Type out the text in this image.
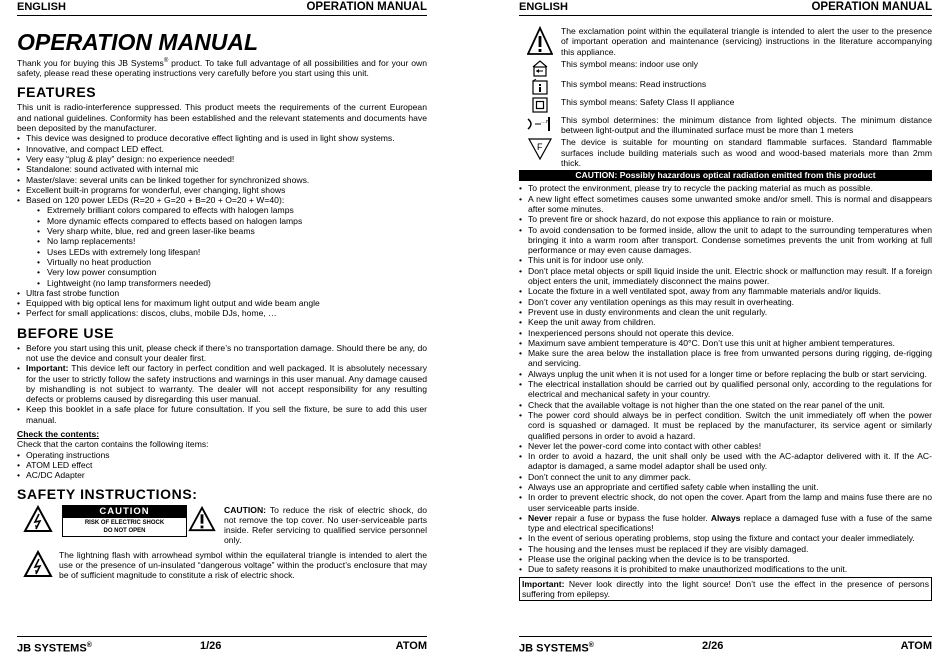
ENGLISH	OPERATION MANUAL
OPERATION MANUAL

Thank you for buying this JB Systems® product. To take full advantage of all possibilities and for your own safety, please read these operating instructions very carefully before you start using this unit.

FEATURES

This unit is radio-interference suppressed. This product meets the requirements of the current European and national guidelines. Conformity has been established and the relevant statements and documents have been deposited by the manufacturer.

• This device was designed to produce decorative effect lighting and is used in light show systems.
• Innovative, and compact LED effect.
• Very easy “plug & play” design: no experience needed!
• Standalone: sound activated with internal mic
• Master/slave: several units can be linked together for synchronized shows.
• Excellent built-in programs for wonderful, ever changing, light shows
• Based on 120 power LEDs (R=20 + G=20 + B=20 + O=20 + W=40):
• Extremely brilliant colors compared to effects with halogen lamps
• More dynamic effects compared to effects based on halogen lamps
• Very sharp white, blue, red and green laser-like beams
• No lamp replacements!
• Uses LEDs with extremely long lifespan!
• Virtually no heat production
• Very low power consumption
• Lightweight (no lamp transformers needed)
• Ultra fast strobe function
• Equipped with big optical lens for maximum light output and wide beam angle
• Perfect for small applications: discos, clubs, mobile DJs, home, …
BEFORE USE
• Before you start using this unit, please check if there’s no transportation damage. Should there be any, do not use the device and consult your dealer first.
• Important: This device left our factory in perfect condition and well packaged. It is absolutely necessary for the user to strictly follow the safety instructions and warnings in this user manual. Any damage caused by mishandling is not subject to warranty. The dealer will not accept responsibility for any resulting defects or problems caused by disregarding this user manual.
• Keep this booklet in a safe place for future consultation. If you sell the fixture, be sure to add this user manual.

Check the contents:

Check that the carton contains the following items:

• Operating instructions
• ATOM LED effect
• AC/DC Adapter
SAFETY INSTRUCTIONS:
CAUTION
RISK OF ELECTRIC SHOCK
DO NOT OPEN

CAUTION: To reduce the risk of electric shock, do not remove the top cover. No user-serviceable parts inside. Refer servicing to qualified service personnel only.

The lightning flash with arrowhead symbol within the equilateral triangle is intended to alert the use or the presence of un-insulated “dangerous voltage” within the product’s enclosure that may be of sufficient magnitude to constitute a risk of electric shock.

JB SYSTEMS®	1/26	ATOM
ENGLISH	OPERATION MANUAL
The exclamation point within the equilateral triangle is intended to alert the user to the presence of important operation and maintenance (servicing) instructions in the literature accompanying this appliance.
This symbol means: indoor use only
This symbol means: Read instructions
This symbol means: Safety Class II appliance
…m This symbol determines: the minimum distance from lighted objects. The minimum distance between light-output and the illuminated surface must be more than 1 meters
F The device is suitable for mounting on standard flammable surfaces. Standard flammable surfaces include building materials such as wood and wood-based materials more than 2mm thick.
CAUTION: Possibly hazardous optical radiation emitted from this product
• To protect the environment, please try to recycle the packing material as much as possible.
• A new light effect sometimes causes some unwanted smoke and/or smell. This is normal and disappears after some minutes.
• To prevent fire or shock hazard, do not expose this appliance to rain or moisture.
• To avoid condensation to be formed inside, allow the unit to adapt to the surrounding temperatures when bringing it into a warm room after transport. Condense sometimes prevents the unit from working at full performance or may even cause damages.
• This unit is for indoor use only.
• Don’t place metal objects or spill liquid inside the unit. Electric shock or malfunction may result. If a foreign object enters the unit, immediately disconnect the mains power.
• Locate the fixture in a well ventilated spot, away from any flammable materials and/or liquids.
• Don’t cover any ventilation openings as this may result in overheating.
• Prevent use in dusty environments and clean the unit regularly.
• Keep the unit away from children.
• Inexperienced persons should not operate this device.
• Maximum save ambient temperature is 40°C. Don’t use this unit at higher ambient temperatures.
• Make sure the area below the installation place is free from unwanted persons during rigging, de-rigging and servicing.
• Always unplug the unit when it is not used for a longer time or before replacing the bulb or start servicing.
• The electrical installation should be carried out by qualified personal only, according to the regulations for electrical and mechanical safety in your country.
• Check that the available voltage is not higher than the one stated on the rear panel of the unit.
• The power cord should always be in perfect condition. Switch the unit immediately off when the power cord is squashed or damaged. It must be replaced by the manufacturer, its service agent or similarly qualified persons in order to avoid a hazard.
• Never let the power-cord come into contact with other cables!
• In order to avoid a hazard, the unit shall only be used with the AC-adaptor delivered with it. If the AC-adaptor is damaged, a same model adaptor shall be used only.
• Don’t connect the unit to any dimmer pack.
• Always use an appropriate and certified safety cable when installing the unit.
• In order to prevent electric shock, do not open the cover. Apart from the lamp and mains fuse there are no user serviceable parts inside.
• Never repair a fuse or bypass the fuse holder. Always replace a damaged fuse with a fuse of the same type and electrical specifications!
• In the event of serious operating problems, stop using the fixture and contact your dealer immediately.
• The housing and the lenses must be replaced if they are visibly damaged.
• Please use the original packing when the device is to be transported.
• Due to safety reasons it is prohibited to make unauthorized modifications to the unit.
Important: Never look directly into the light source! Don’t use the effect in the presence of persons suffering from epilepsy.
JB SYSTEMS®	2/26	ATOM
